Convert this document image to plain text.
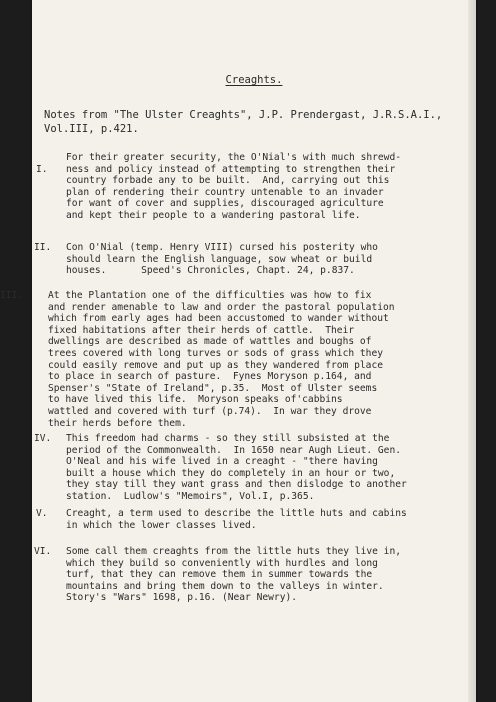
Creaghts.
Notes from "The Ulster Creaghts", J.P. Prendergast, J.R.S.A.I.,
Vol.III, p.421.
I.
For their greater security, the O'Nial's with much shrewd-
ness and policy instead of attempting to strengthen their
country forbade any to be built.  And, carrying out this
plan of rendering their country untenable to an invader
for want of cover and supplies, discouraged agriculture
and kept their people to a wandering pastoral life.
II. Con O'Nial (temp. Henry VIII) cursed his posterity who
should learn the English language, sow wheat or build
houses.      Speed's Chronicles, Chapt. 24, p.837.
III.	At the Plantation one of the difficulties was how to fix
and render amenable to law and order the pastoral population
which from early ages had been accustomed to wander without
fixed habitations after their herds of cattle.  Their
dwellings are described as made of wattles and boughs of
trees covered with long turves or sods of grass which they
could easily remove and put up as they wandered from place
to place in search of pasture.  Fynes Moryson p.164, and
Spenser's "State of Ireland", p.35.  Most of Ulster seems
to have lived this life.  Moryson speaks of'cabbins
wattled and covered with turf (p.74).  In war they drove
their herds before them.
IV. This freedom had charms - so they still subsisted at the
period of the Commonwealth.  In 1650 near Augh Lieut. Gen.
O'Neal and his wife lived in a creaght - "there having
built a house which they do completely in an hour or two,
they stay till they want grass and then dislodge to another
station.  Ludlow's "Memoirs", Vol.I, p.365.
V. Creaght, a term used to describe the little huts and cabins
in which the lower classes lived.
VI. Some call them creaghts from the little huts they live in,
which they build so conveniently with hurdles and long
turf, that they can remove them in summer towards the
mountains and bring them down to the valleys in winter.
Story's "Wars" 1698, p.16. (Near Newry).
